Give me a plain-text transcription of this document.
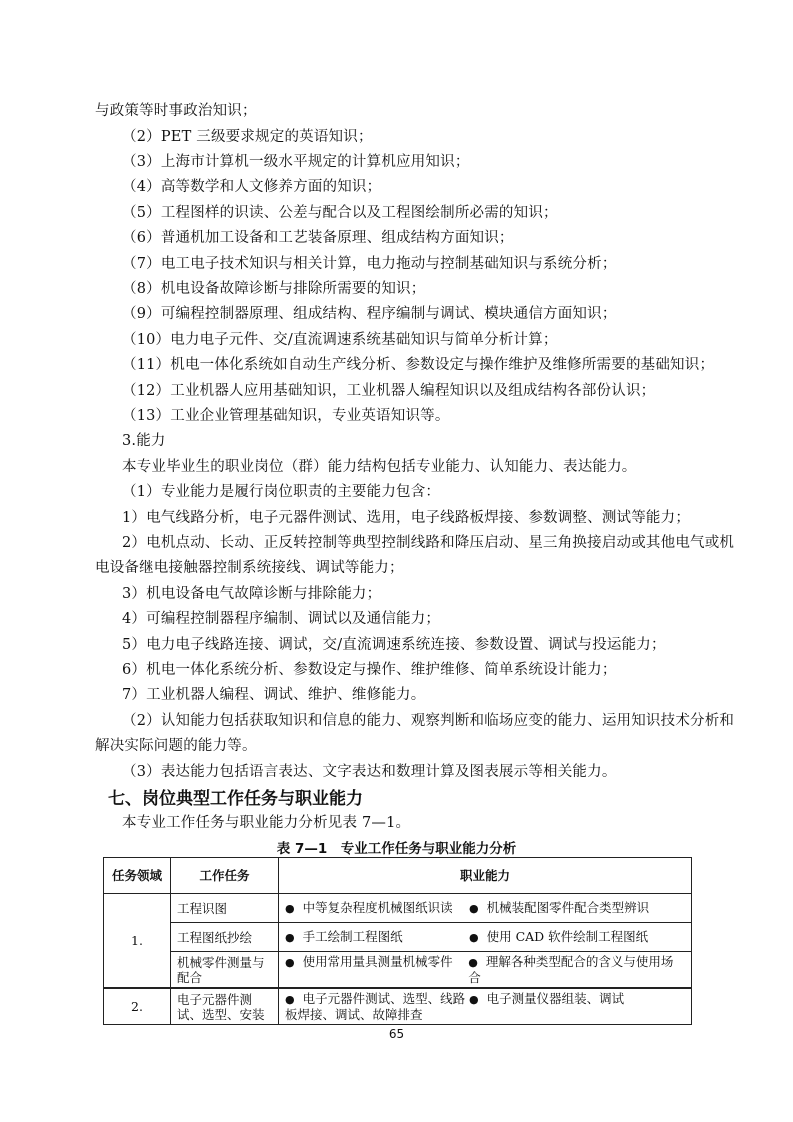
与政策等时事政治知识；
（2）PET 三级要求规定的英语知识；
（3）上海市计算机一级水平规定的计算机应用知识；
（4）高等数学和人文修养方面的知识；
（5）工程图样的识读、公差与配合以及工程图绘制所必需的知识；
（6）普通机加工设备和工艺装备原理、组成结构方面知识；
（7）电工电子技术知识与相关计算，电力拖动与控制基础知识与系统分析；
（8）机电设备故障诊断与排除所需要的知识；
（9）可编程控制器原理、组成结构、程序编制与调试、模块通信方面知识；
（10）电力电子元件、交/直流调速系统基础知识与简单分析计算；
（11）机电一体化系统如自动生产线分析、参数设定与操作维护及维修所需要的基础知识；
（12）工业机器人应用基础知识，工业机器人编程知识以及组成结构各部份认识；
（13）工业企业管理基础知识，专业英语知识等。
3.能力
本专业毕业生的职业岗位（群）能力结构包括专业能力、认知能力、表达能力。
（1）专业能力是履行岗位职责的主要能力包含：
1）电气线路分析，电子元器件测试、选用，电子线路板焊接、参数调整、测试等能力；
2）电机点动、长动、正反转控制等典型控制线路和降压启动、星三角换接启动或其他电气或机
电设备继电接触器控制系统接线、调试等能力；
3）机电设备电气故障诊断与排除能力；
4）可编程控制器程序编制、调试以及通信能力；
5）电力电子线路连接、调试，交/直流调速系统连接、参数设置、调试与投运能力；
6）机电一体化系统分析、参数设定与操作、维护维修、简单系统设计能力；
7）工业机器人编程、调试、维护、维修能力。
（2）认知能力包括获取知识和信息的能力、观察判断和临场应变的能力、运用知识技术分析和
解决实际问题的能力等。
（3）表达能力包括语言表达、文字表达和数理计算及图表展示等相关能力。
七、岗位典型工作任务与职业能力
本专业工作任务与职业能力分析见表 7—1。
表 7—1　专业工作任务与职业能力分析
任务领域	工作任务	职业能力
1.	工程识图	● 中等复杂程度机械图纸识读 ● 机械装配图零件配合类型辨识

	工程图纸抄绘	● 手工绘制工程图纸 ● 使用 CAD 软件绘制工程图纸

	机械零件测量与配合	● 使用常用量具测量机械零件 ● 理解各种类型配合的含义与使用场合

2.	电子元器件测试、选型、安装	● 电子元器件测试、选型、线路板焊接、调试、故障排查
● 电子测量仪器组装、调试
65
